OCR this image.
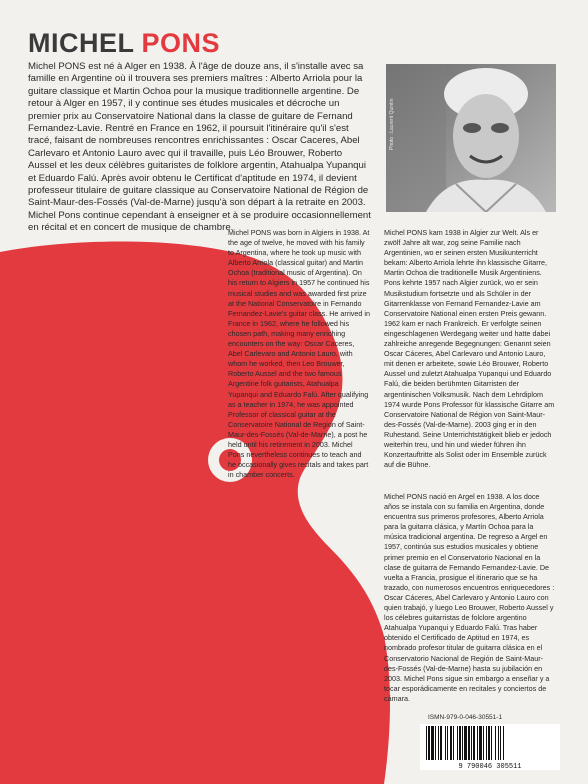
MICHEL PONS

Michel PONS est né à Alger en 1938. À l'âge de douze ans, il s'installe avec sa famille en Argentine où il trouvera ses premiers maîtres : Alberto Arriola pour la guitare classique et Martin Ochoa pour la musique traditionnelle argentine. De retour à Alger en 1957, il y continue ses études musicales et décroche un premier prix au Conservatoire National dans la classe de guitare de Fernand Fernandez-Lavie. Rentré en France en 1962, il poursuit l'itinéraire qu'il s'est tracé, faisant de nombreuses rencontres enrichissantes : Oscar Caceres, Abel Carlevaro et Antonio Lauro avec qui il travaille, puis Léo Brouwer, Roberto Aussel et les deux célèbres guitaristes de folklore argentin, Atahualpa Yupanqui et Eduardo Falú. Après avoir obtenu le Certificat d'aptitude en 1974, il devient professeur titulaire de guitare classique au Conservatoire National de Région de Saint-Maur-des-Fossés (Val-de-Marne) jusqu'à son départ à la retraite en 2003. Michel Pons continue cependant à enseigner et à se produire occasionnellement en récital et en concert de musique de chambre.

Photo : Laurent Quintin

Michel PONS was born in Algiers in 1938. At the age of twelve, he moved with his family to Argentina, where he took up music with Alberto Arriola (classical guitar) and Martin Ochoa (traditional music of Argentina). On his return to Algiers in 1957 he continued his musical studies and was awarded first prize at the National Conservatoire in Fernando Fernandez-Lavie's guitar class. He arrived in France in 1962, where he followed his chosen path, making many enriching encounters on the way: Oscar Caceres, Abel Carlevaro and Antonio Lauro, with whom he worked, then Leo Brouwer, Roberto Aussel and the two famous Argentine folk guitarists, Atahualpa Yupanqui and Eduardo Falú. After qualifying as a teacher in 1974, he was appointed Professor of classical guitar at the Conservatoire National de Region of Saint-Maur-des-Fossés (Val-de-Marne), a post he held until his retirement in 2003. Michel Pons nevertheless continues to teach and he occasionally gives recitals and takes part in chamber concerts.

Michel PONS kam 1938 in Algier zur Welt. Als er zwölf Jahre alt war, zog seine Familie nach Argentinien, wo er seinen ersten Musikunterricht bekam: Alberto Arriola lehrte ihn klassische Gitarre, Martin Ochoa die traditionelle Musik Argentiniens. Pons kehrte 1957 nach Algier zurück, wo er sein Musikstudium fortsetzte und als Schüler in der Gitarrenklasse von Fernand Fernandez-Lavie am Conservatoire National einen ersten Preis gewann. 1962 kam er nach Frankreich. Er verfolgte seinen eingeschlagenen Werdegang weiter und hatte dabei zahlreiche anregende Begegnungen: Genannt seien Oscar Cáceres, Abel Carlevaro und Antonio Lauro, mit denen er arbeitete, sowie Léo Brouwer, Roberto Aussel und zuletzt Atahualpa Yupanqui und Eduardo Falú, die beiden berühmten Gitarristen der argentinischen Volksmusik. Nach dem Lehrdiplom 1974 wurde Pons Professor für klassische Gitarre am Conservatoire National de Région von Saint-Maur-des-Fossés (Val-de-Marne). 2003 ging er in den Ruhestand. Seine Unterrichtstätigkeit blieb er jedoch weiterhin treu, und hin und wieder führen ihn Konzertauftritte als Solist oder im Ensemble zurück auf die Bühne.

Michel PONS nació en Argel en 1938. A los doce años se instala con su familia en Argentina, donde encuentra sus primeros profesores, Alberto Arriola para la guitarra clásica, y Martín Ochoa para la música tradicional argentina. De regreso a Argel en 1957, continúa sus estudios musicales y obtiene primer premio en el Conservatorio Nacional en la clase de guitarra de Fernando Fernandez-Lavie. De vuelta a Francia, prosigue el itinerario que se ha trazado, con numerosos encuentros enriquecedores : Oscar Cáceres, Abel Carlevaro y Antonio Lauro con quien trabajó, y luego Leo Brouwer, Roberto Aussel y los célebres guitarristas de folclore argentino Atahualpa Yupanqui y Eduardo Falú. Tras haber obtenido el Certificado de Aptitud en 1974, es nombrado profesor titular de guitarra clásica en el Conservatorio Nacional de Región de Saint-Maur-des-Fossés (Val-de-Marne) hasta su jubilación en 2003. Michel Pons sigue sin embargo a enseñar y a tocar esporádicamente en recitales y conciertos de cámara.

ISMN-979-0-046-30551-1
9 790046 305511
